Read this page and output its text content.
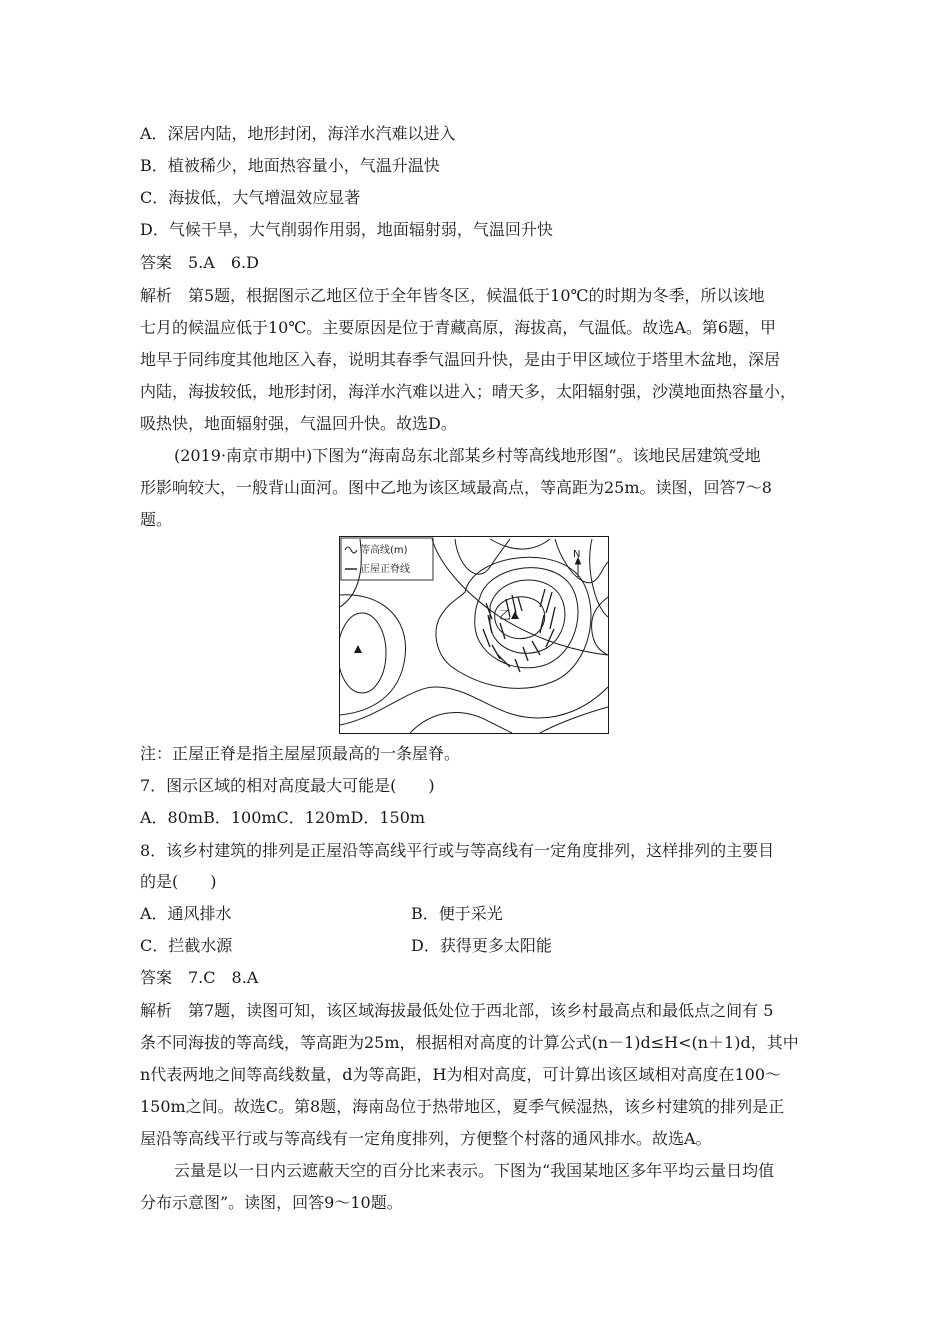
A．深居内陆，地形封闭，海洋水汽难以进入
B．植被稀少，地面热容量小，气温升温快
C．海拔低，大气增温效应显著
D．气候干旱，大气削弱作用弱，地面辐射弱，气温回升快
答案　5.A　6.D
解析　第5题，根据图示乙地区位于全年皆冬区，候温低于10℃的时期为冬季，所以该地
七月的候温应低于10℃。主要原因是位于青藏高原，海拔高，气温低。故选A。第6题，甲
地早于同纬度其他地区入春，说明其春季气温回升快，是由于甲区域位于塔里木盆地，深居
内陆，海拔较低，地形封闭，海洋水汽难以进入；晴天多，太阳辐射强，沙漠地面热容量小，
吸热快，地面辐射强，气温回升快。故选D。
(2019·南京市期中)下图为“海南岛东北部某乡村等高线地形图”。该地民居建筑受地
形影响较大，一般背山面河。图中乙地为该区域最高点，等高距为25m。读图，回答7～8
题。
等高线(m)
正屋正脊线
N
乙
注：正屋正脊是指主屋屋顶最高的一条屋脊。
7．图示区域的相对高度最大可能是(　　)
A．80mB．100mC．120mD．150m
8．该乡村建筑的排列是正屋沿等高线平行或与等高线有一定角度排列，这样排列的主要目
的是(　　)
A．通风排水	B．便于采光
C．拦截水源	D．获得更多太阳能
答案　7.C　8.A
解析　第7题，读图可知，该区域海拔最低处位于西北部，该乡村最高点和最低点之间有 5
条不同海拔的等高线，等高距为25m，根据相对高度的计算公式(n－1)d≤H<(n＋1)d，其中
n代表两地之间等高线数量，d为等高距，H为相对高度，可计算出该区域相对高度在100～
150m之间。故选C。第8题，海南岛位于热带地区，夏季气候湿热，该乡村建筑的排列是正
屋沿等高线平行或与等高线有一定角度排列，方便整个村落的通风排水。故选A。
云量是以一日内云遮蔽天空的百分比来表示。下图为“我国某地区多年平均云量日均值
分布示意图”。读图，回答9～10题。
